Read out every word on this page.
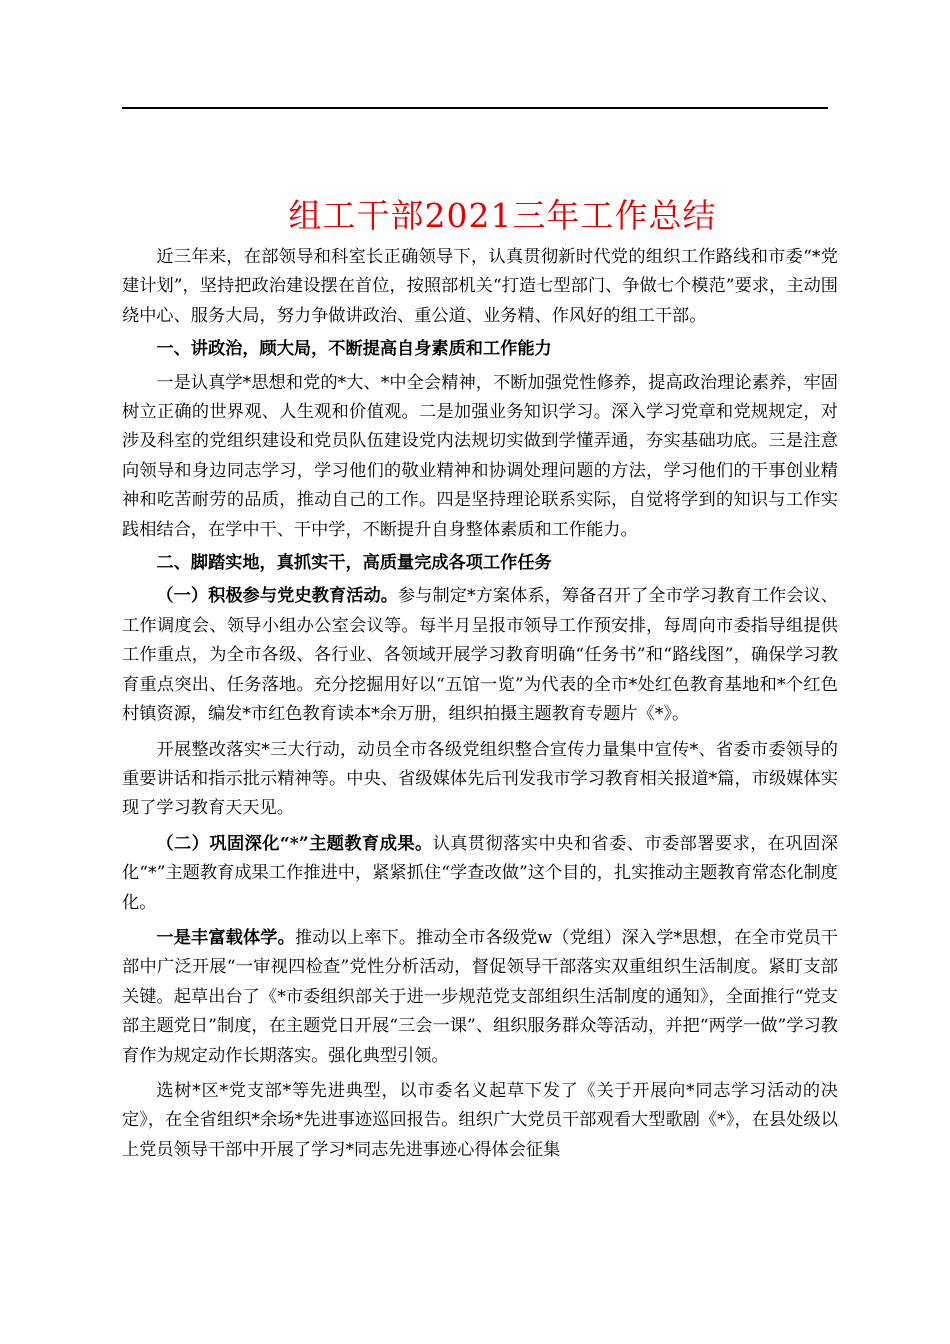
组工干部2021三年工作总结

近三年来，在部领导和科室长正确领导下，认真贯彻新时代党的组织工作路线和市委“*党建计划”，坚持把政治建设摆在首位，按照部机关“打造七型部门、争做七个模范”要求，主动围绕中心、服务大局，努力争做讲政治、重公道、业务精、作风好的组工干部。

一、讲政治，顾大局，不断提高自身素质和工作能力

一是认真学*思想和党的*大、*中全会精神，不断加强党性修养，提高政治理论素养，牢固树立正确的世界观、人生观和价值观。二是加强业务知识学习。深入学习党章和党规规定，对涉及科室的党组织建设和党员队伍建设党内法规切实做到学懂弄通，夯实基础功底。三是注意向领导和身边同志学习，学习他们的敬业精神和协调处理问题的方法，学习他们的干事创业精神和吃苦耐劳的品质，推动自己的工作。四是坚持理论联系实际，自觉将学到的知识与工作实践相结合，在学中干、干中学，不断提升自身整体素质和工作能力。

二、脚踏实地，真抓实干，高质量完成各项工作任务

（一）积极参与党史教育活动。参与制定*方案体系，筹备召开了全市学习教育工作会议、工作调度会、领导小组办公室会议等。每半月呈报市领导工作预安排，每周向市委指导组提供工作重点，为全市各级、各行业、各领域开展学习教育明确“任务书”和“路线图”，确保学习教育重点突出、任务落地。充分挖掘用好以“五馆一览”为代表的全市*处红色教育基地和*个红色村镇资源，编发*市红色教育读本*余万册，组织拍摄主题教育专题片《*》。

开展整改落实*三大行动，动员全市各级党组织整合宣传力量集中宣传*、省委市委领导的重要讲话和指示批示精神等。中央、省级媒体先后刊发我市学习教育相关报道*篇，市级媒体实现了学习教育天天见。

（二）巩固深化“*”主题教育成果。认真贯彻落实中央和省委、市委部署要求，在巩固深化“*”主题教育成果工作推进中，紧紧抓住“学查改做”这个目的，扎实推动主题教育常态化制度化。

一是丰富载体学。推动以上率下。推动全市各级党w（党组）深入学*思想，在全市党员干部中广泛开展“一审视四检查”党性分析活动，督促领导干部落实双重组织生活制度。紧盯支部关键。起草出台了《*市委组织部关于进一步规范党支部组织生活制度的通知》，全面推行“党支部主题党日”制度，在主题党日开展“三会一课”、组织服务群众等活动，并把“两学一做”学习教育作为规定动作长期落实。强化典型引领。

选树*区*党支部*等先进典型，以市委名义起草下发了《关于开展向*同志学习活动的决定》，在全省组织*余场*先进事迹巡回报告。组织广大党员干部观看大型歌剧《*》，在县处级以上党员领导干部中开展了学习*同志先进事迹心得体会征集
